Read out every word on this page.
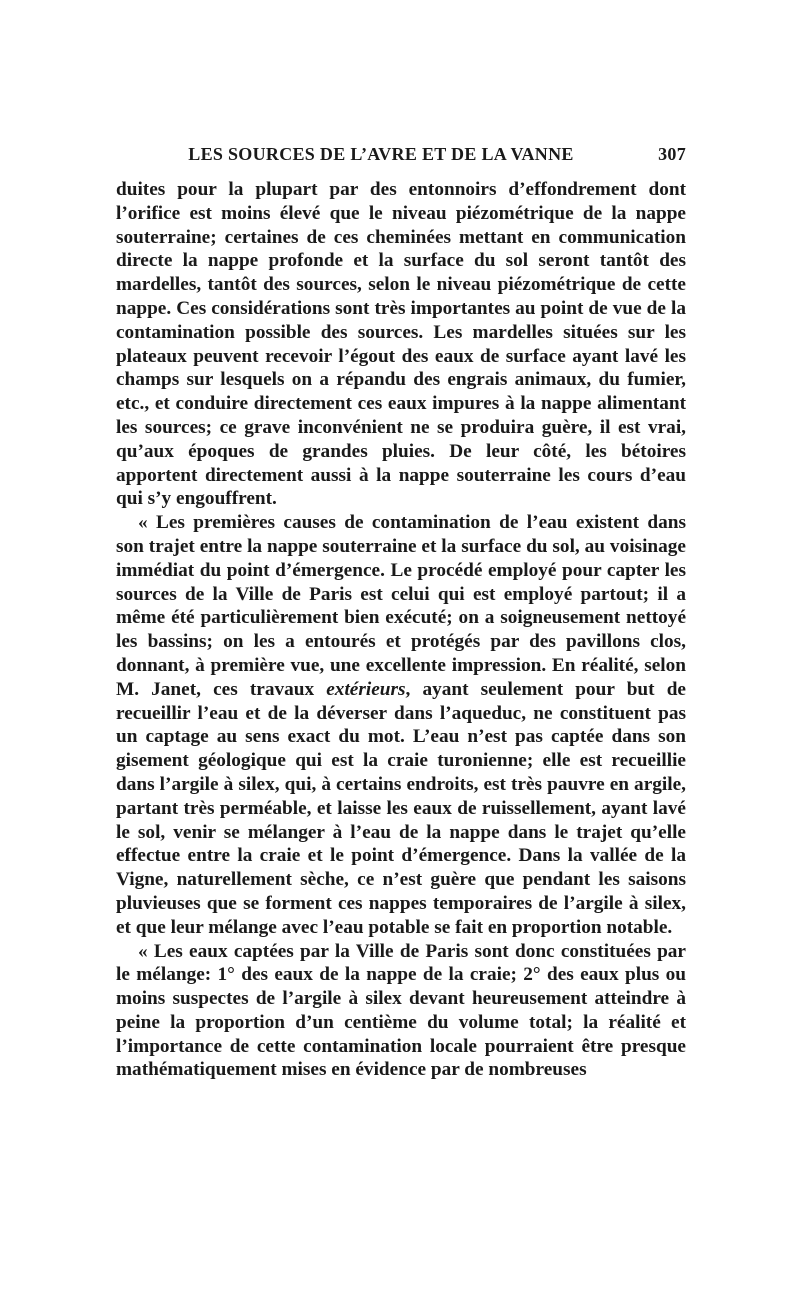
LES SOURCES DE L’AVRE ET DE LA VANNE	307

duites pour la plupart par des entonnoirs d’effondrement dont l’orifice est moins élevé que le niveau piézométrique de la nappe souterraine; certaines de ces cheminées mettant en communication directe la nappe profonde et la surface du sol seront tantôt des mardelles, tantôt des sources, selon le niveau piézométrique de cette nappe. Ces considérations sont très importantes au point de vue de la contamination possible des sources. Les mardelles situées sur les plateaux peuvent recevoir l’égout des eaux de surface ayant lavé les champs sur lesquels on a répandu des engrais animaux, du fumier, etc., et conduire directement ces eaux impures à la nappe alimentant les sources; ce grave inconvénient ne se produira guère, il est vrai, qu’aux époques de grandes pluies. De leur côté, les bétoires apportent directement aussi à la nappe souterraine les cours d’eau qui s’y engouffrent.

« Les premières causes de contamination de l’eau existent dans son trajet entre la nappe souterraine et la surface du sol, au voisinage immédiat du point d’émergence. Le procédé employé pour capter les sources de la Ville de Paris est celui qui est employé partout; il a même été particulièrement bien exécuté; on a soigneusement nettoyé les bassins; on les a entourés et protégés par des pavillons clos, donnant, à première vue, une excellente impression. En réalité, selon M. Janet, ces travaux extérieurs, ayant seulement pour but de recueillir l’eau et de la déverser dans l’aqueduc, ne constituent pas un captage au sens exact du mot. L’eau n’est pas captée dans son gisement géologique qui est la craie turonienne; elle est recueillie dans l’argile à silex, qui, à certains endroits, est très pauvre en argile, partant très perméable, et laisse les eaux de ruissellement, ayant lavé le sol, venir se mélanger à l’eau de la nappe dans le trajet qu’elle effectue entre la craie et le point d’émergence. Dans la vallée de la Vigne, naturellement sèche, ce n’est guère que pendant les saisons pluvieuses que se forment ces nappes temporaires de l’argile à silex, et que leur mélange avec l’eau potable se fait en proportion notable.

« Les eaux captées par la Ville de Paris sont donc constituées par le mélange: 1° des eaux de la nappe de la craie; 2° des eaux plus ou moins suspectes de l’argile à silex devant heureusement atteindre à peine la proportion d’un centième du volume total; la réalité et l’importance de cette contamination locale pourraient être presque mathématiquement mises en évidence par de nombreuses
